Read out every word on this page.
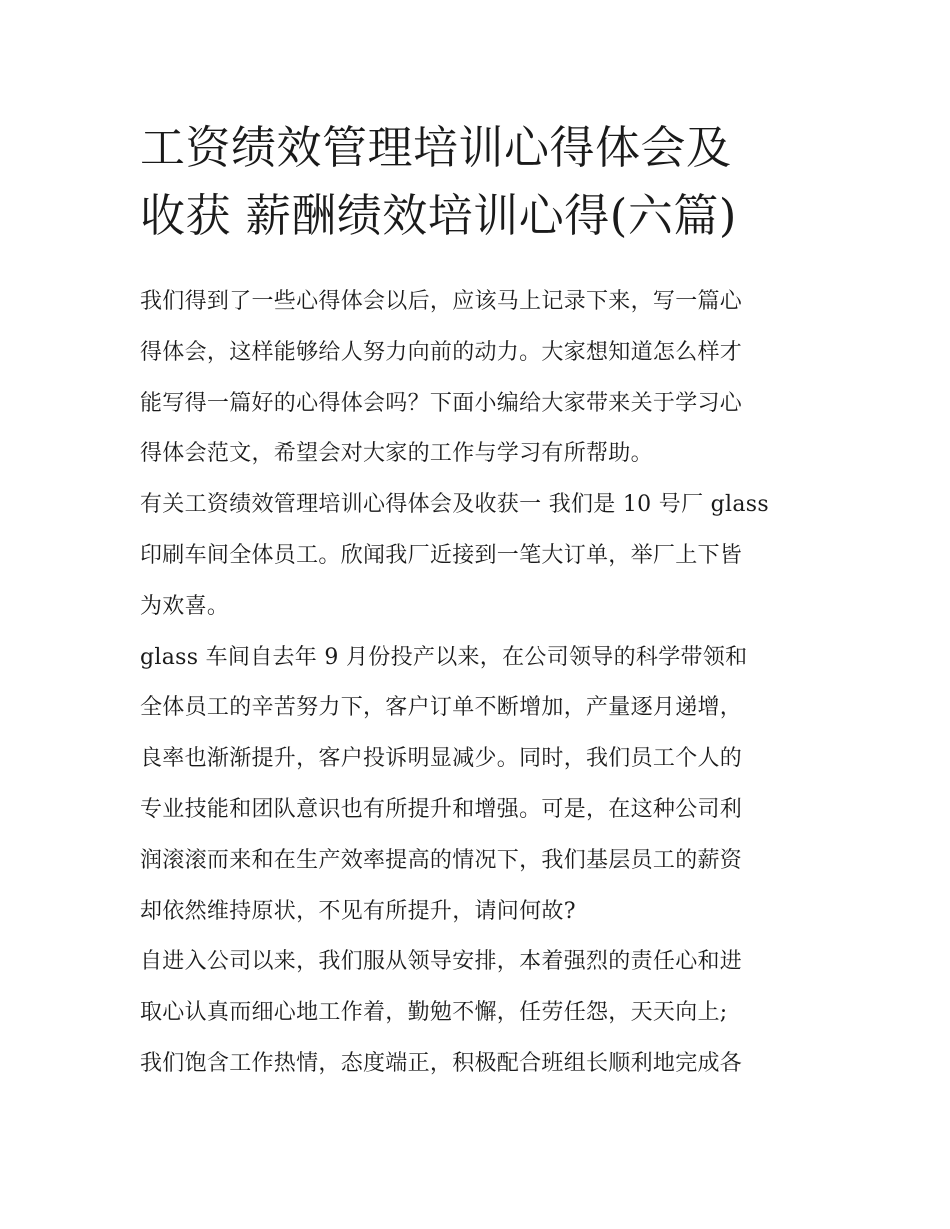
工资绩效管理培训心得体会及
收获 薪酬绩效培训心得(六篇)
我们得到了一些心得体会以后，应该马上记录下来，写一篇心
得体会，这样能够给人努力向前的动力。大家想知道怎么样才
能写得一篇好的心得体会吗？下面小编给大家带来关于学习心
得体会范文，希望会对大家的工作与学习有所帮助。
有关工资绩效管理培训心得体会及收获一 我们是 10 号厂 glass
印刷车间全体员工。欣闻我厂近接到一笔大订单，举厂上下皆
为欢喜。
glass 车间自去年 9 月份投产以来，在公司领导的科学带领和
全体员工的辛苦努力下，客户订单不断增加，产量逐月递增，
良率也渐渐提升，客户投诉明显减少。同时，我们员工个人的
专业技能和团队意识也有所提升和增强。可是，在这种公司利
润滚滚而来和在生产效率提高的情况下，我们基层员工的薪资
却依然维持原状，不见有所提升，请问何故?
自进入公司以来，我们服从领导安排，本着强烈的责任心和进
取心认真而细心地工作着，勤勉不懈，任劳任怨，天天向上;
我们饱含工作热情，态度端正，积极配合班组长顺利地完成各
